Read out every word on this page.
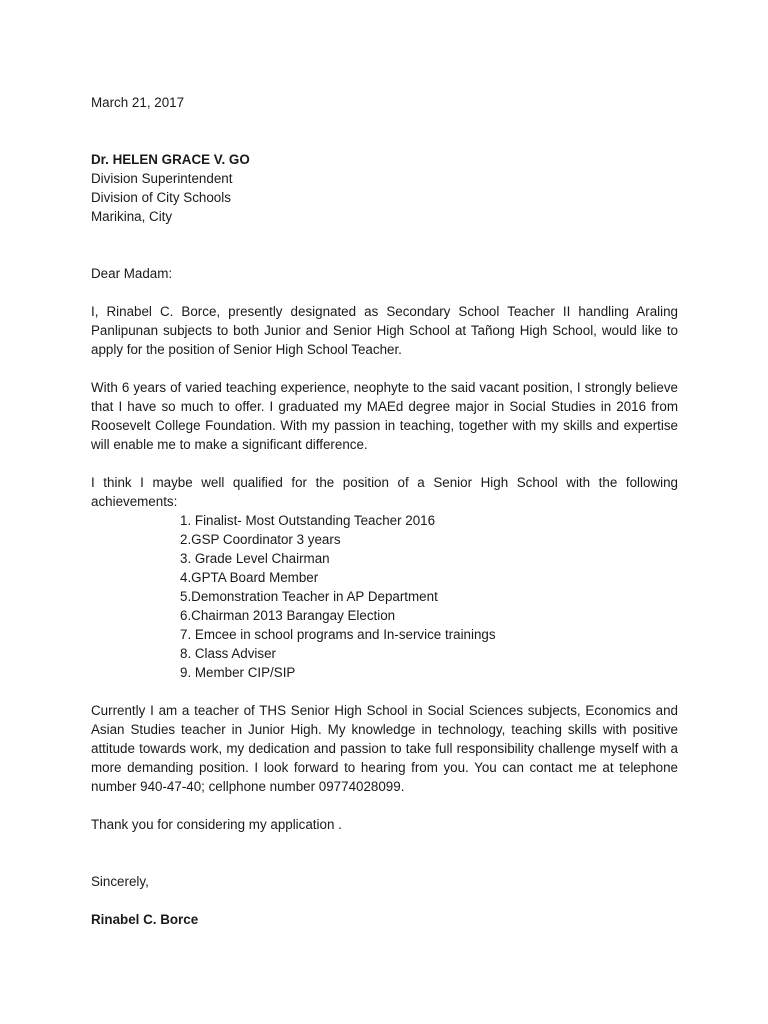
March 21, 2017
Dr. HELEN GRACE V. GO
Division Superintendent
Division of City Schools
Marikina, City
Dear Madam:

I, Rinabel C. Borce, presently designated as Secondary School Teacher II handling Araling Panlipunan subjects to both Junior and Senior High School at Tañong High School, would like to apply for the position of Senior High School Teacher.

With 6 years of varied teaching experience, neophyte to the said vacant position, I strongly believe that I have so much to offer. I graduated my MAEd degree major in Social Studies in 2016 from Roosevelt College Foundation. With my passion in teaching, together with my skills and expertise will enable me to make a significant difference.

I think I maybe well qualified for the position of a Senior High School with the following achievements:

1. Finalist- Most Outstanding Teacher 2016
2.GSP Coordinator 3 years
3. Grade Level Chairman
4.GPTA Board Member
5.Demonstration Teacher in AP Department
6.Chairman 2013 Barangay Election
7. Emcee in school programs and In-service trainings
8. Class Adviser
9. Member CIP/SIP

Currently I am a teacher of THS Senior High School in Social Sciences subjects, Economics and Asian Studies teacher in Junior High. My knowledge in technology, teaching skills with positive attitude towards work, my dedication and passion to take full responsibility challenge myself with a more demanding position. I look forward to hearing from you. You can contact me at telephone number 940-47-40; cellphone number 09774028099.

Thank you for considering my application .
Sincerely,
Rinabel C. Borce
